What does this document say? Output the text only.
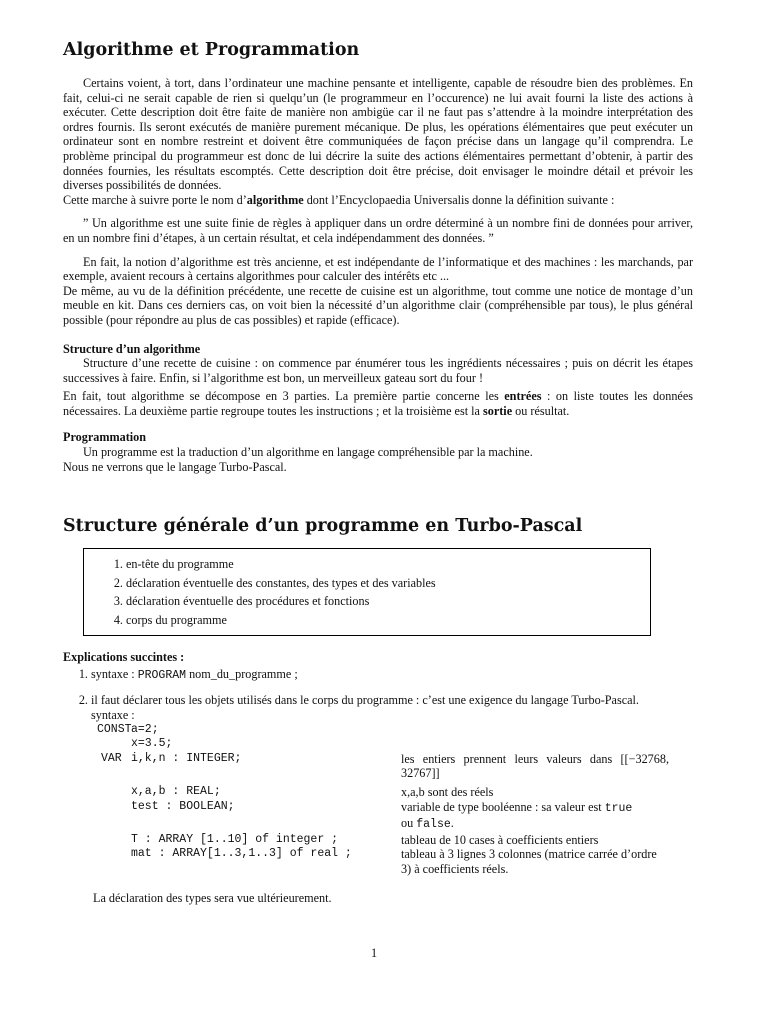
Algorithme et Programmation

Certains voient, à tort, dans l’ordinateur une machine pensante et intelligente, capable de résoudre bien des problèmes. En fait, celui-ci ne serait capable de rien si quelqu’un (le programmeur en l’occurence) ne lui avait fourni la liste des actions à exécuter. Cette description doit être faite de manière non ambigüe car il ne faut pas s’attendre à la moindre interprétation des ordres fournis. Ils seront exécutés de manière purement mécanique. De plus, les opérations élémentaires que peut exécuter un ordinateur sont en nombre restreint et doivent être communiquées de façon précise dans un langage qu’il comprendra. Le problème principal du programmeur est donc de lui décrire la suite des actions élémentaires permettant d’obtenir, à partir des données fournies, les résultats escomptés. Cette description doit être précise, doit envisager le moindre détail et prévoir les diverses possibilités de données.

Cette marche à suivre porte le nom d’algorithme dont l’Encyclopaedia Universalis donne la définition suivante :

” Un algorithme est une suite finie de règles à appliquer dans un ordre déterminé à un nombre fini de données pour arriver, en un nombre fini d’étapes, à un certain résultat, et cela indépendamment des données. ”

En fait, la notion d’algorithme est très ancienne, et est indépendante de l’informatique et des machines : les marchands, par exemple, avaient recours à certains algorithmes pour calculer des intérêts etc ...

De même, au vu de la définition précédente, une recette de cuisine est un algorithme, tout comme une notice de montage d’un meuble en kit. Dans ces derniers cas, on voit bien la nécessité d’un algorithme clair (compréhensible par tous), le plus général possible (pour répondre au plus de cas possibles) et rapide (efficace).

Structure d’un algorithme

Structure d’une recette de cuisine : on commence par énumérer tous les ingrédients nécessaires ; puis on décrit les étapes successives à faire. Enfin, si l’algorithme est bon, un merveilleux gateau sort du four !

En fait, tout algorithme se décompose en 3 parties. La première partie concerne les entrées : on liste toutes les données nécessaires. La deuxième partie regroupe toutes les instructions ; et la troisième est la sortie ou résultat.

Programmation

Un programme est la traduction d’un algorithme en langage compréhensible par la machine.

Nous ne verrons que le langage Turbo-Pascal.

Structure générale d’un programme en Turbo-Pascal
1. en-tête du programme
2. déclaration éventuelle des constantes, des types et des variables
3. déclaration éventuelle des procédures et fonctions
4. corps du programme
Explications succintes :
1. syntaxe : PROGRAM nom_du_programme ;

2. il faut déclarer tous les objets utilisés dans le corps du programme : c’est une exigence du langage Turbo-Pascal.

syntaxe :
CONST a=2;
x=3.5;
VAR i,k,n : INTEGER;	les entiers prennent leurs valeurs dans [[−32768, 32767]]
x,a,b : REAL;	x,a,b sont des réels
test : BOOLEAN;	variable de type booléenne : sa valeur est true
ou false.
T : ARRAY [1..10] of integer ;	tableau de 10 cases à coefficients entiers
mat : ARRAY[1..3,1..3] of real ;	tableau à 3 lignes 3 colonnes (matrice carrée d’ordre 3) à coefficients réels.
La déclaration des types sera vue ultérieurement.
1
